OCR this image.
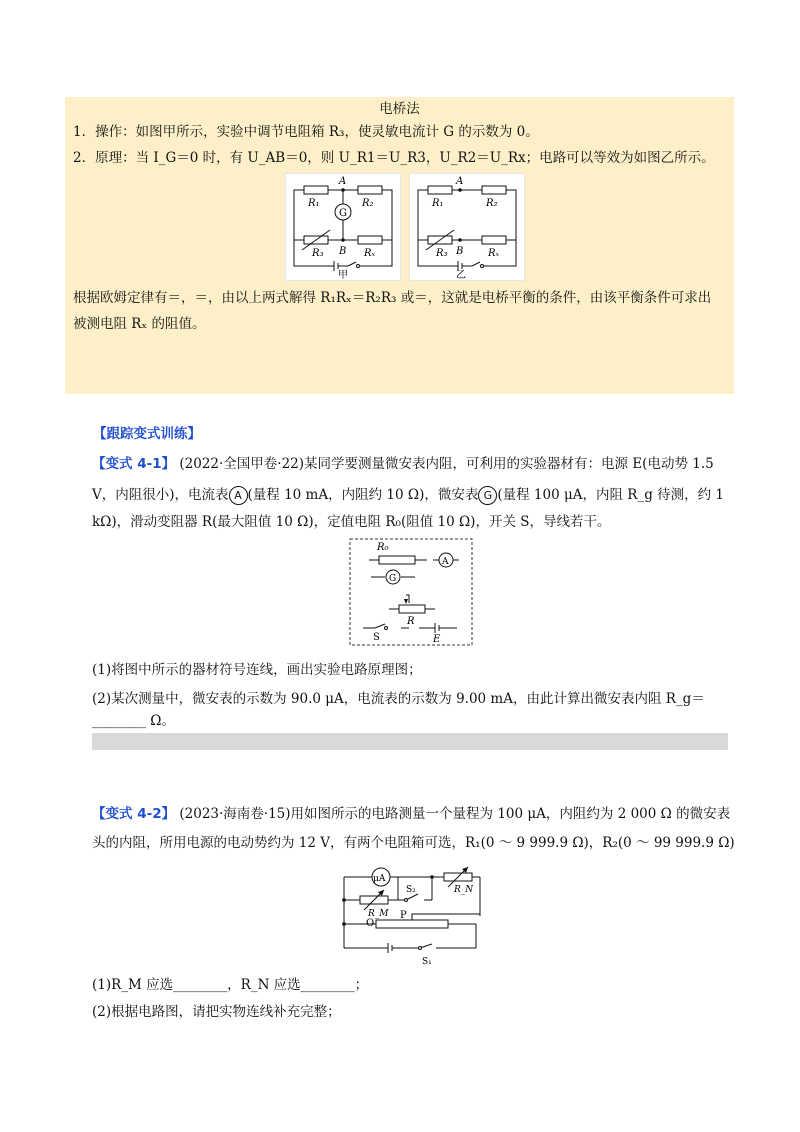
电桥法
1．操作：如图甲所示，实验中调节电阻箱 R₃，使灵敏电流计 G 的示数为 0。
2．原理：当 I_G＝0 时，有 U_AB＝0，则 U_R1＝U_R3，U_R2＝U_Rx；电路可以等效为如图乙所示。
A
B
R₁	R₂
R₃	Rₓ
G
甲
A
B
R₁	R₂
R₃	Rₓ
乙
根据欧姆定律有＝，＝，由以上两式解得 R₁Rₓ＝R₂R₃ 或＝，这就是电桥平衡的条件，由该平衡条件可求出
被测电阻 Rₓ 的阻值。
【跟踪变式训练】
【变式 4-1】 (2022·全国甲卷·22)某同学要测量微安表内阻，可利用的实验器材有：电源 E(电动势 1.5
V，内阻很小)，电流表 A (量程 10 mA，内阻约 10 Ω)，微安表 G (量程 100 μA，内阻 R_g 待测，约 1
kΩ)，滑动变阻器 R(最大阻值 10 Ω)，定值电阻 R₀(阻值 10 Ω)，开关 S，导线若干。
R₀
A
G
R
S	E
(1)将图中所示的器材符号连线，画出实验电路原理图；
(2)某次测量中，微安表的示数为 90.0 μA，电流表的示数为 9.00 mA，由此计算出微安表内阻 R_g＝
________ Ω。
【变式 4-2】 (2023·海南卷·15)用如图所示的电路测量一个量程为 100 μA，内阻约为 2 000 Ω 的微安表
头的内阻，所用电源的电动势约为 12 V，有两个电阻箱可选，R₁(0 ～ 9 999.9 Ω)，R₂(0 ～ 99 999.9 Ω)
μA
R_N
S₂
R_M P
O
S₁
(1)R_M 应选________，R_N 应选________；
(2)根据电路图，请把实物连线补充完整；
